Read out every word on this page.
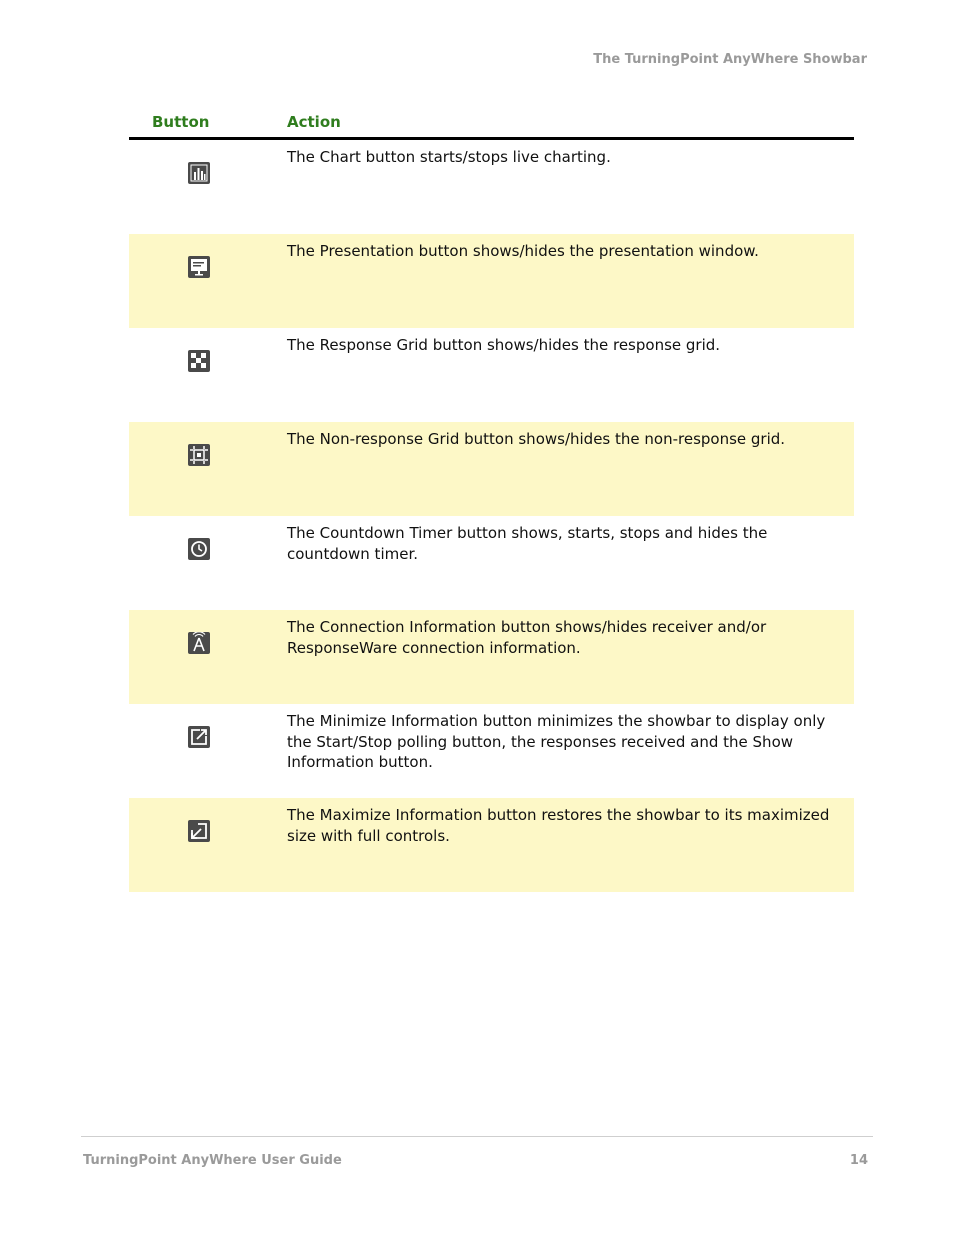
The TurningPoint AnyWhere Showbar
Button	Action
The Chart button starts/stops live charting.
The Presentation button shows/hides the presentation window.
The Response Grid button shows/hides the response grid.
The Non-response Grid button shows/hides the non-response grid.
The Countdown Timer button shows, starts, stops and hides the countdown timer.
The Connection Information button shows/hides receiver and/or ResponseWare connection information.
The Minimize Information button minimizes the showbar to display only the Start/Stop polling button, the responses received and the Show Information button.
The Maximize Information button restores the showbar to its maximized size with full controls.
TurningPoint AnyWhere User Guide	14
